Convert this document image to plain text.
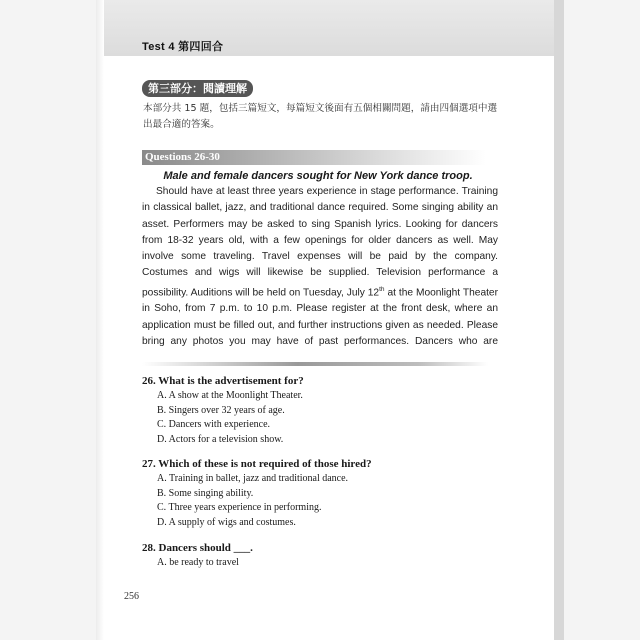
Test 4 第四回合
第三部分：閱讀理解
本部分共 15 題，包括三篇短文，每篇短文後面有五個相關問題，請由四個選項中選出最合適的答案。
Questions 26-30
Male and female dancers sought for New York dance troop.
Should have at least three years experience in stage performance. Training in classical ballet, jazz, and traditional dance required. Some singing ability an asset. Performers may be asked to sing Spanish lyrics. Looking for dancers from 18-32 years old, with a few openings for older dancers as well. May involve some traveling. Travel expenses will be paid by the company. Costumes and wigs will likewise be supplied. Television performance a possibility. Auditions will be held on Tuesday, July 12th at the Moonlight Theater in Soho, from 7 p.m. to 10 p.m. Please register at the front desk, where an application must be filled out, and further instructions given as needed. Please bring any photos you may have of past performances. Dancers who are

26. What is the advertisement for?

A. A show at the Moonlight Theater.

B. Singers over 32 years of age.

C. Dancers with experience.

D. Actors for a television show.

27. Which of these is not required of those hired?

A. Training in ballet, jazz and traditional dance.

B. Some singing ability.

C. Three years experience in performing.

D. A supply of wigs and costumes.

28. Dancers should ___.

A. be ready to travel

256
